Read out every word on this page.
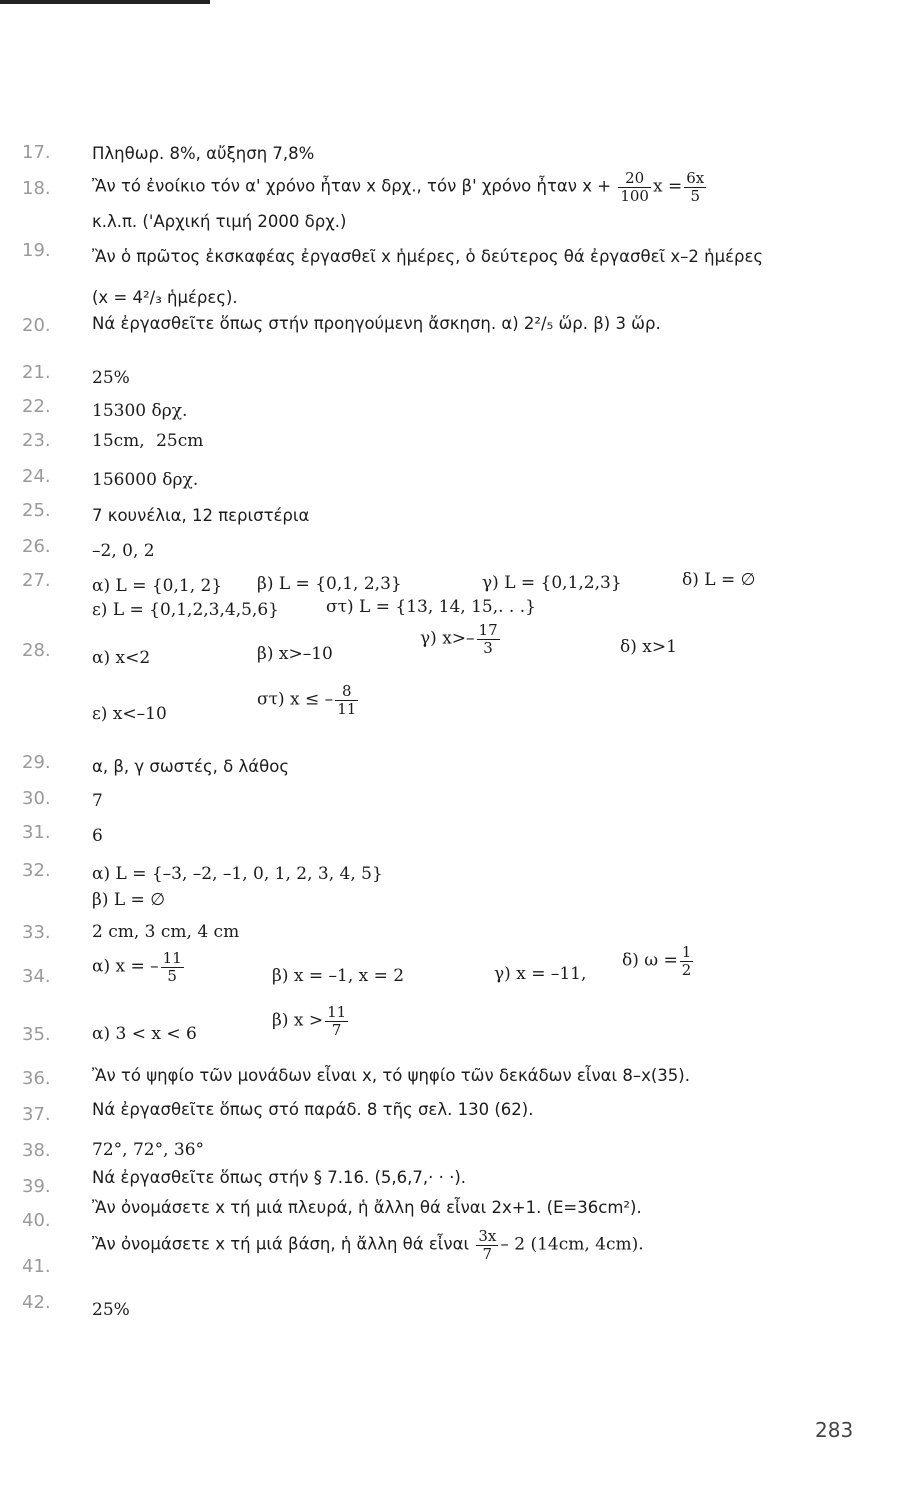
17.	Πληθωρ. 8%, αὔξηση 7,8%
18.	Ἂν τό ἐνοίκιο τόν α' χρόνο ἦταν x δρχ., τόν β' χρόνο ἦταν $x + \frac{20}{100}$ $x = \frac{6x}{5}$
κ.λ.π. ('Αρχική τιμή 2000 δρχ.)
19.	Ἂν ὁ πρῶτος ἐκσκαφέας ἐργασθεῖ x ἡμέρες, ὁ δεύτερος θά ἐργασθεῖ x–2 ἡμέρες
(x = 4²/₃ ἡμέρες).
20.	Νά ἐργασθεῖτε ὅπως στήν προηγούμενη ἄσκηση. α) 2²/₅ ὥρ. β) 3 ὥρ.
21.	25%
22.	15300 δρχ.
23.	15cm, 25cm
24.	156000 δρχ.
25.	7 κουνέλια, 12 περιστέρια
26.	–2, 0, 2
27.	α) L = {0,1, 2} β) L = {0,1, 2,3}	γ) L = {0,1,2,3}	δ) L = ∅
ε) L = {0,1,2,3,4,5,6}	στ) L = {13, 14, 15,. . .}
28.	α) x<2	β) x>–10
γ) $x>- \frac{17}{3}$	δ) x>1
ε) x<–10
στ) x ≤ – $\frac{8}{11}$
29.	α, β, γ σωστές, δ λάθος
30.	7
31.	6
32.	α) L = {–3, –2, –1, 0, 1, 2, 3, 4, 5}
β) L = ∅
33.	2 cm, 3 cm, 4 cm
34.	α) x = – $\frac{11}{5}$	β) x = –1, x = 2	γ) x = –11,
δ) $\omega = \frac{1}{2}$
35.	α) 3 < x < 6
β) $x > \frac{11}{7}$
36.	Ἂν τό ψηφίο τῶν μονάδων εἶναι x, τό ψηφίο τῶν δεκάδων εἶναι 8–x(35).
37.	Νά ἐργασθεῖτε ὅπως στό παράδ. 8 τῆς σελ. 130 (62).
38.	72°, 72°, 36°
39.	Νά ἐργασθεῖτε ὅπως στήν § 7.16. (5,6,7,· · ·).
40.
Ἂν ὀνομάσετε x τή μιά πλευρά, ἡ ἄλλη θά εἶναι 2x+1. (E=36cm²).
41.
Ἂν ὀνομάσετε x τή μιά βάση, ἡ ἄλλη θά εἶναι $\frac{3x}{7} - 2$ (14cm, 4cm).
42.	25%
283
